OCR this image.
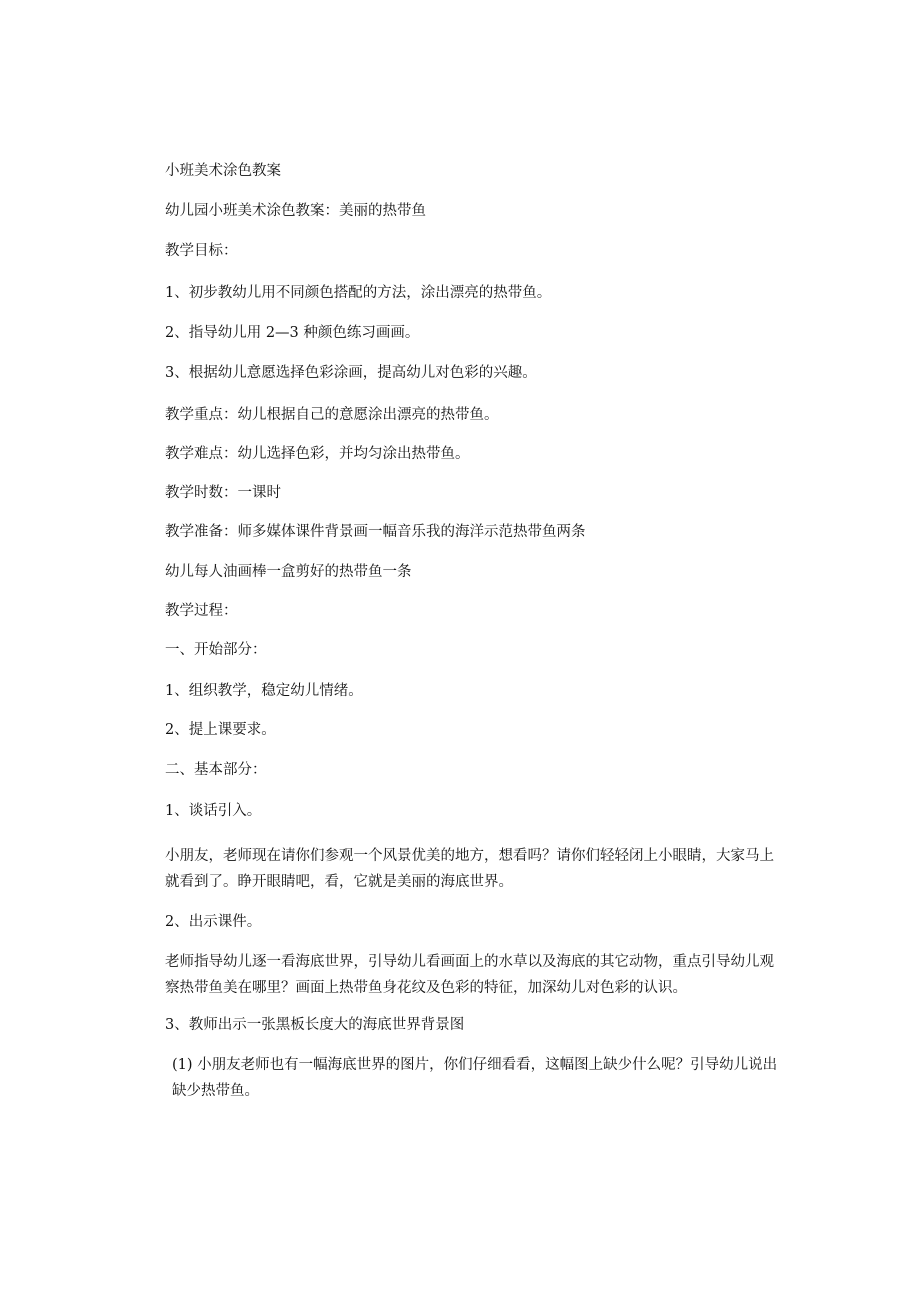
小班美术涂色教案
幼儿园小班美术涂色教案：美丽的热带鱼
教学目标：
1、初步教幼儿用不同颜色搭配的方法，涂出漂亮的热带鱼。
2、指导幼儿用 2—3 种颜色练习画画。
3、根据幼儿意愿选择色彩涂画，提高幼儿对色彩的兴趣。
教学重点：幼儿根据自己的意愿涂出漂亮的热带鱼。
教学难点：幼儿选择色彩，并均匀涂出热带鱼。
教学时数：一课时
教学准备：师多媒体课件背景画一幅音乐我的海洋示范热带鱼两条
幼儿每人油画棒一盒剪好的热带鱼一条
教学过程：
一、开始部分：
1、组织教学，稳定幼儿情绪。
2、提上课要求。
二、基本部分：
1、谈话引入。
小朋友，老师现在请你们参观一个风景优美的地方，想看吗？请你们轻轻闭上小眼睛，大家马上就看到了。睁开眼睛吧，看，它就是美丽的海底世界。
2、出示课件。
老师指导幼儿逐一看海底世界，引导幼儿看画面上的水草以及海底的其它动物，重点引导幼儿观察热带鱼美在哪里？画面上热带鱼身花纹及色彩的特征，加深幼儿对色彩的认识。
3、教师出示一张黑板长度大的海底世界背景图
(1) 小朋友老师也有一幅海底世界的图片，你们仔细看看，这幅图上缺少什么呢？引导幼儿说出缺少热带鱼。
